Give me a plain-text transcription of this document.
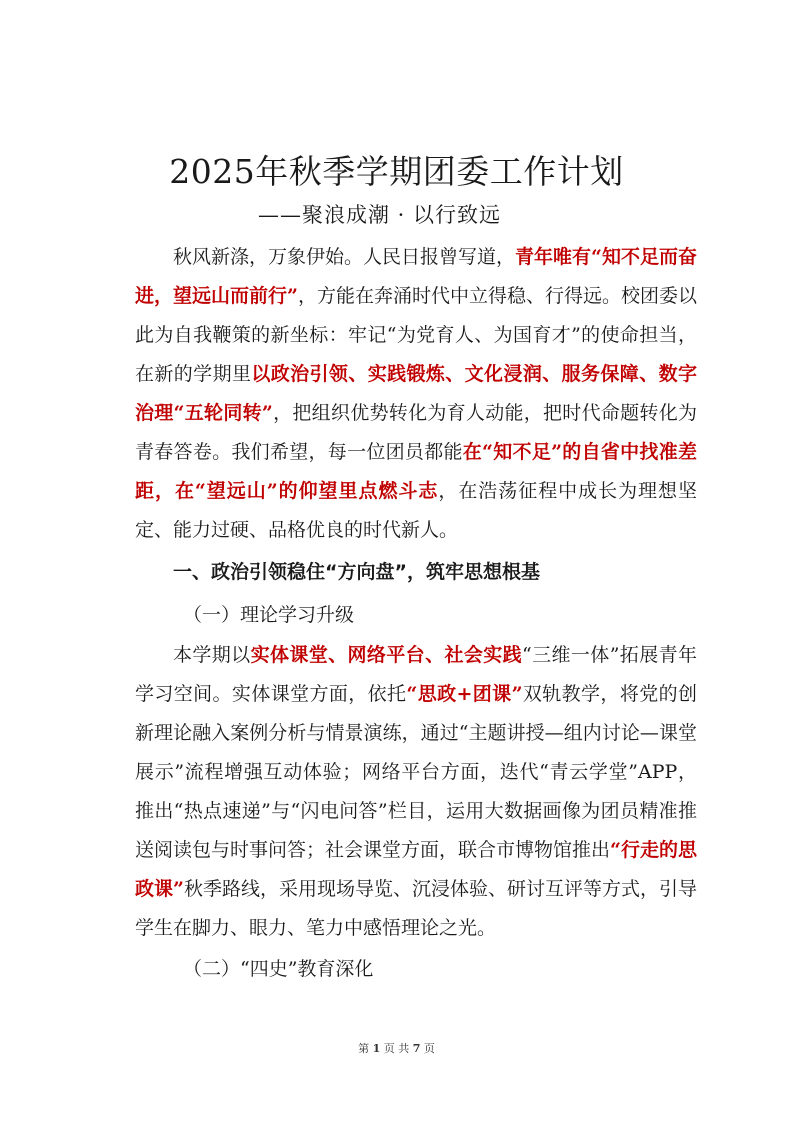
2025年秋季学期团委工作计划
——聚浪成潮 · 以行致远

秋风新涤，万象伊始。人民日报曾写道，青年唯有“知不足而奋进，望远山而前行”，方能在奔涌时代中立得稳、行得远。校团委以此为自我鞭策的新坐标：牢记“为党育人、为国育才”的使命担当，在新的学期里以政治引领、实践锻炼、文化浸润、服务保障、数字治理“五轮同转”，把组织优势转化为育人动能，把时代命题转化为青春答卷。我们希望，每一位团员都能在“知不足”的自省中找准差距，在“望远山”的仰望里点燃斗志，在浩荡征程中成长为理想坚定、能力过硬、品格优良的时代新人。

一、政治引领稳住“方向盘”，筑牢思想根基

（一）理论学习升级

本学期以实体课堂、网络平台、社会实践“三维一体”拓展青年学习空间。实体课堂方面，依托“思政+团课”双轨教学，将党的创新理论融入案例分析与情景演练，通过“主题讲授—组内讨论—课堂展示”流程增强互动体验；网络平台方面，迭代“青云学堂”APP，推出“热点速递”与“闪电问答”栏目，运用大数据画像为团员精准推送阅读包与时事问答；社会课堂方面，联合市博物馆推出“行走的思政课”秋季路线，采用现场导览、沉浸体验、研讨互评等方式，引导学生在脚力、眼力、笔力中感悟理论之光。

（二）“四史”教育深化

第 1 页 共 7 页
